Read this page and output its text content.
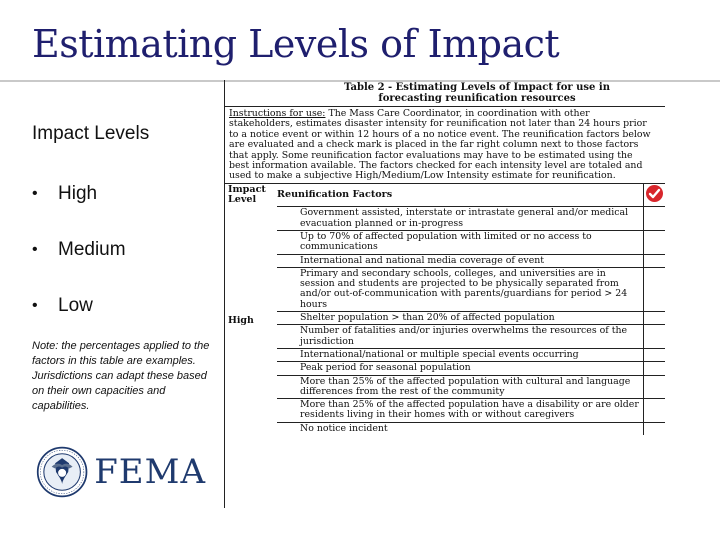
Estimating Levels of Impact
Impact Levels
•	High
•	Medium
•	Low
Note: the percentages applied to the factors in this table are examples. Jurisdictions can adapt these based on their own capacities and capabilities.
FEMA
Table 2 - Estimating Levels of Impact for use in
forecasting reunification resources
Instructions for use: The Mass Care Coordinator, in coordination with other stakeholders, estimates disaster intensity for reunification not later than 24 hours prior to a notice event or within 12 hours of a no notice event. The reunification factors below are evaluated and a check mark is placed in the far right column next to those factors that apply. Some reunification factor evaluations may have to be estimated using the best information available. The factors checked for each intensity level are totaled and used to make a subjective High/Medium/Low Intensity estimate for reunification.
Impact Level	Reunification Factors	

High		Government assisted, interstate or intrastate general and/or medical evacuation planned or in-progress	
		Up to 70% of affected population with limited or no access to communications	
		International and national media coverage of event	
		Primary and secondary schools, colleges, and universities are in session and students are projected to be physically separated from and/or out-of-communication with parents/guardians for period > 24 hours	
		Shelter population > than 20% of affected population	
		Number of fatalities and/or injuries overwhelms the resources of the jurisdiction	
		International/national or multiple special events occurring	
		Peak period for seasonal population	
		More than 25% of the affected population with cultural and language differences from the rest of the community	
		More than 25% of the affected population have a disability or are older residents living in their homes with or without caregivers	
		No notice incident	
